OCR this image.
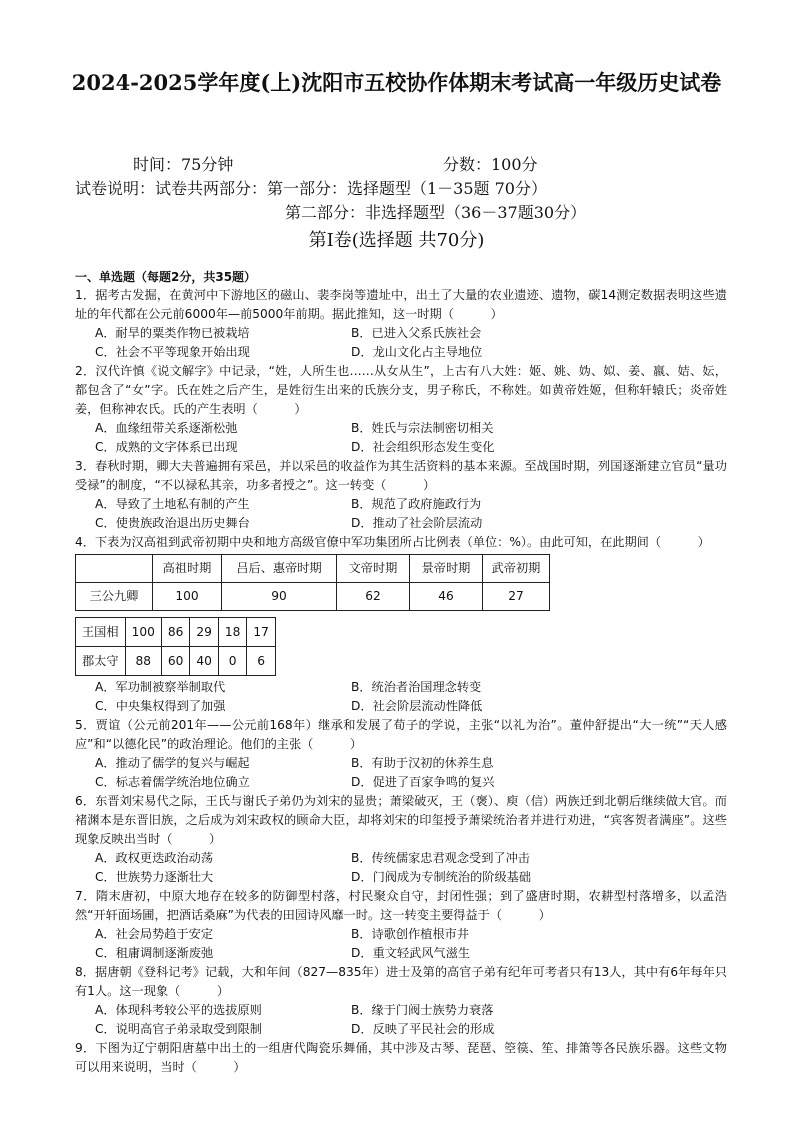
2024-2025学年度(上)沈阳市五校协作体期末考试高一年级历史试卷
时间：75分钟	分数：100分
试卷说明：试卷共两部分：第一部分：选择题型（1－35题 70分）
第二部分：非选择题型（36－37题30分）
第Ⅰ卷(选择题 共70分)
一、单选题（每题2分，共35题）

1．据考古发掘，在黄河中下游地区的磁山、裴李岗等遗址中，出土了大量的农业遗迹、遗物，碳14测定数据表明这些遗址的年代都在公元前6000年—前5000年前期。据此推知，这一时期（　　　）

A．耐旱的粟类作物已被栽培	B．已进入父系氏族社会
C．社会不平等现象开始出现	D．龙山文化占主导地位

2．汉代许慎《说文解字》中记录，“姓，人所生也……从女从生”，上古有八大姓：姬、姚、妫、姒、姜、嬴、姞、妘，都包含了“女”字。氏在姓之后产生，是姓衍生出来的氏族分支，男子称氏，不称姓。如黄帝姓姬，但称轩辕氏；炎帝姓姜，但称神农氏。氏的产生表明（　　　）

A．血缘纽带关系逐渐松弛	B．姓氏与宗法制密切相关
C．成熟的文字体系已出现	D．社会组织形态发生变化

3．春秋时期，卿大夫普遍拥有采邑，并以采邑的收益作为其生活资料的基本来源。至战国时期，列国逐渐建立官员“量功受禄”的制度，“不以禄私其亲，功多者授之”。这一转变（　　　）

A．导致了土地私有制的产生	B．规范了政府施政行为
C．使贵族政治退出历史舞台	D．推动了社会阶层流动

4．下表为汉高祖到武帝初期中央和地方高级官僚中军功集团所占比例表（单位：%）。由此可知，在此期间（　　　）

	高祖时期	吕后、惠帝时期	文帝时期	景帝时期	武帝初期
三公九卿	100	90	62	46	27
王国相	100	86	29	18	17
郡太守	88	60	40	0	6
A．军功制被察举制取代	B．统治者治国理念转变
C．中央集权得到了加强	D．社会阶层流动性降低

5．贾谊（公元前201年——公元前168年）继承和发展了荀子的学说，主张“以礼为治”。董仲舒提出“大一统”“天人感应”和“以德化民”的政治理论。他们的主张（　　　）

A．推动了儒学的复兴与崛起	B．有助于汉初的休养生息
C．标志着儒学统治地位确立	D．促进了百家争鸣的复兴

6．东晋刘宋易代之际，王氏与谢氏子弟仍为刘宋的显贵；萧梁破灭，王（褒）、庾（信）两族迁到北朝后继续做大官。而褚渊本是东晋旧族，之后成为刘宋政权的顾命大臣，却将刘宋的印玺授予萧梁统治者并进行劝进，“宾客贺者满座”。这些现象反映出当时（　　　）

A．政权更迭政治动荡	B．传统儒家忠君观念受到了冲击
C．世族势力逐渐壮大	D．门阀成为专制统治的阶级基础

7．隋末唐初，中原大地存在较多的防御型村落，村民聚众自守，封闭性强；到了盛唐时期，农耕型村落增多，以孟浩然“开轩面场圃，把酒话桑麻”为代表的田园诗风靡一时。这一转变主要得益于（　　　）

A．社会局势趋于安定	B．诗歌创作植根市井
C．租庸调制逐渐废弛	D．重文轻武风气滋生

8．据唐朝《登科记考》记载，大和年间（827—835年）进士及第的高官子弟有纪年可考者只有13人，其中有6年每年只有1人。这一现象（　　　）

A．体现科考较公平的选拔原则	B．缘于门阀士族势力衰落
C．说明高官子弟录取受到限制	D．反映了平民社会的形成

9．下图为辽宁朝阳唐墓中出土的一组唐代陶瓷乐舞俑，其中涉及古琴、琵琶、箜篌、笙、排箫等各民族乐器。这些文物可以用来说明，当时（　　　）
